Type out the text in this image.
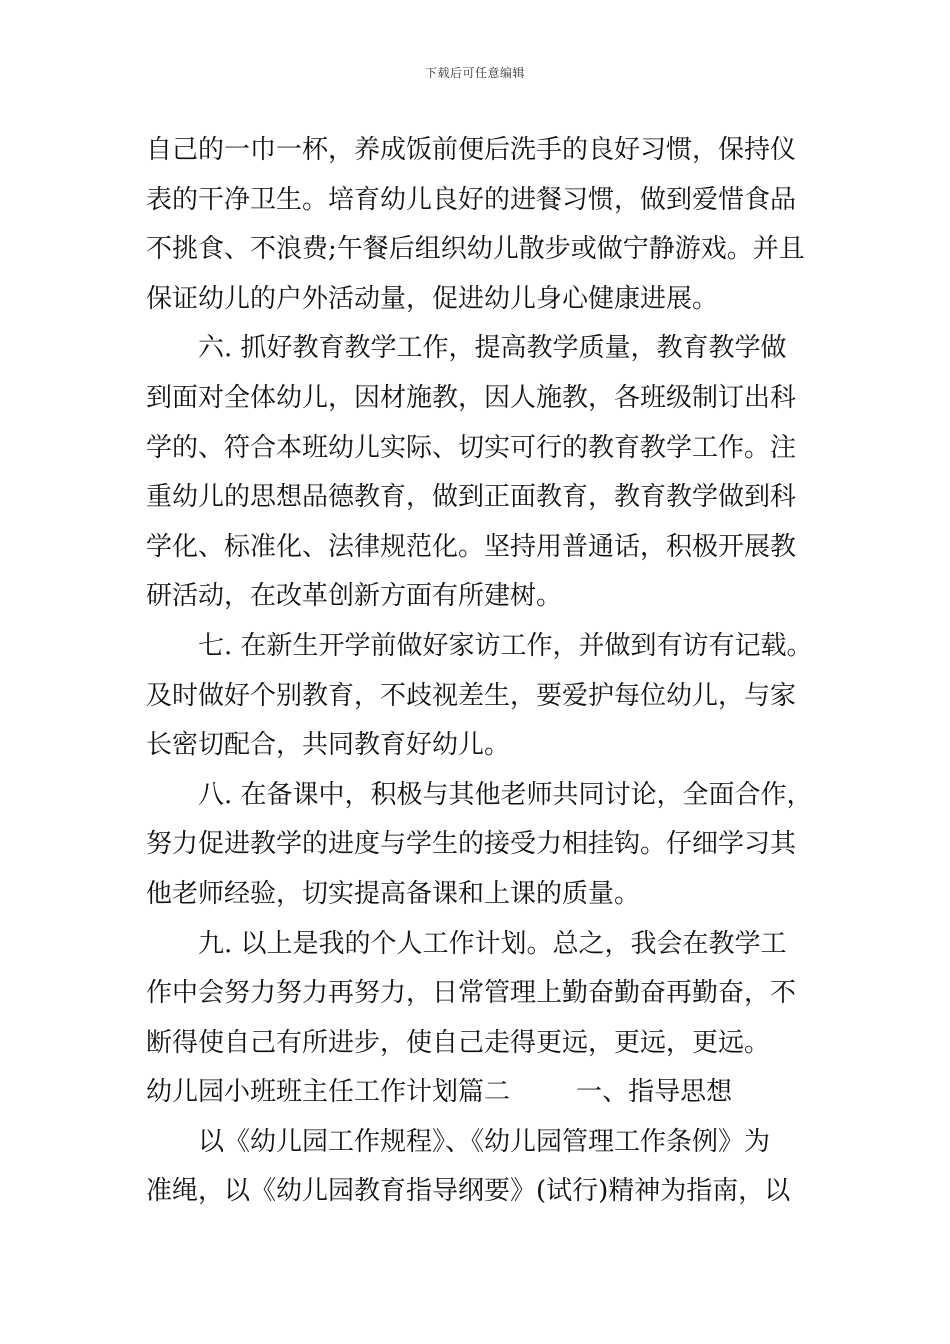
下载后可任意编辑
自己的一巾一杯，养成饭前便后洗手的良好习惯，保持仪
表的干净卫生。培育幼儿良好的进餐习惯，做到爱惜食品
不挑食、不浪费;午餐后组织幼儿散步或做宁静游戏。并且
保证幼儿的户外活动量，促进幼儿身心健康进展。
六. 抓好教育教学工作，提高教学质量，教育教学做
到面对全体幼儿，因材施教，因人施教，各班级制订出科
学的、符合本班幼儿实际、切实可行的教育教学工作。注
重幼儿的思想品德教育，做到正面教育，教育教学做到科
学化、标准化、法律规范化。坚持用普通话，积极开展教
研活动，在改革创新方面有所建树。
七. 在新生开学前做好家访工作，并做到有访有记载。
及时做好个别教育，不歧视差生，要爱护每位幼儿，与家
长密切配合，共同教育好幼儿。
八. 在备课中，积极与其他老师共同讨论，全面合作，
努力促进教学的进度与学生的接受力相挂钩。仔细学习其
他老师经验，切实提高备课和上课的质量。
九. 以上是我的个人工作计划。总之，我会在教学工
作中会努力努力再努力，日常管理上勤奋勤奋再勤奋，不
断得使自己有所进步，使自己走得更远，更远，更远。
幼儿园小班班主任工作计划篇二        一、指导思想
以《幼儿园工作规程》、《幼儿园管理工作条例》为
准绳，以《幼儿园教育指导纲要》(试行)精神为指南，以
